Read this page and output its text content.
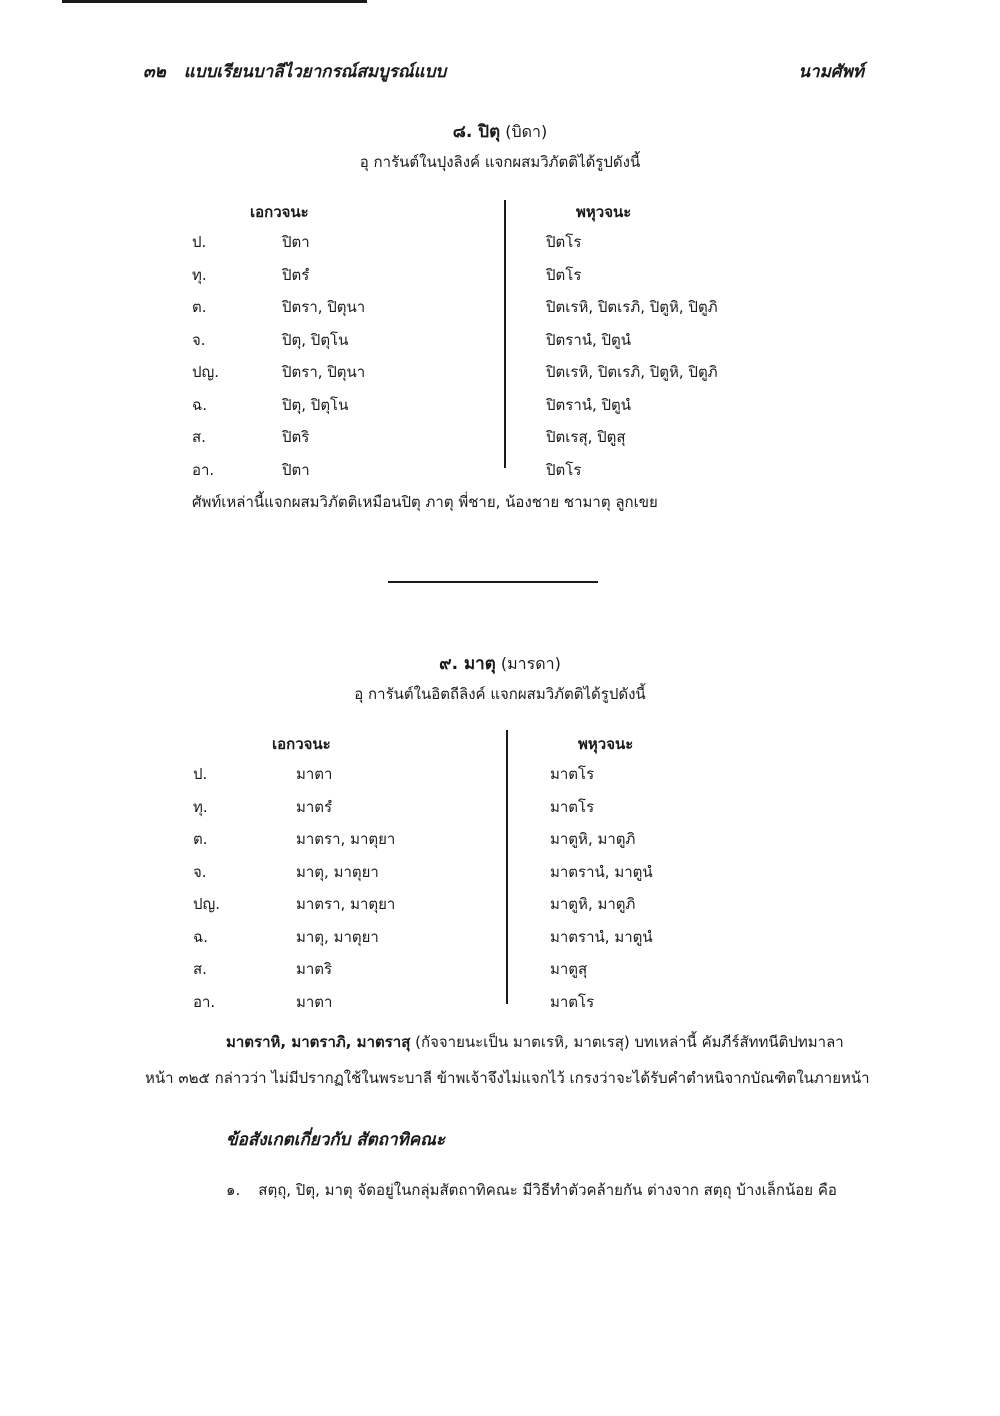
๓๒ แบบเรียนบาลีไวยากรณ์สมบูรณ์แบบ	นามศัพท์
๘. ปิตุ (บิดา)
อุ การันต์ในปุงลิงค์ แจกผสมวิภัตติได้รูปดังนี้
เอกวจนะ	พหุวจนะ
ป.	ปิตา	ปิตโร
ทุ.	ปิตรํ	ปิตโร
ต.	ปิตรา, ปิตุนา	ปิตเรหิ, ปิตเรภิ, ปิตูหิ, ปิตูภิ
จ.	ปิตุ, ปิตุโน	ปิตรานํ, ปิตูนํ
ปญ.	ปิตรา, ปิตุนา	ปิตเรหิ, ปิตเรภิ, ปิตูหิ, ปิตูภิ
ฉ.	ปิตุ, ปิตุโน	ปิตรานํ, ปิตูนํ
ส.	ปิตริ	ปิตเรสุ, ปิตูสุ
อา.	ปิตา	ปิตโร
ศัพท์เหล่านี้แจกผสมวิภัตติเหมือนปิตุ ภาตุ พี่ชาย, น้องชาย ชามาตุ ลูกเขย
๙. มาตุ (มารดา)
อุ การันต์ในอิตถีลิงค์ แจกผสมวิภัตติได้รูปดังนี้
เอกวจนะ	พหุวจนะ
ป.	มาตา	มาตโร
ทุ.	มาตรํ	มาตโร
ต.	มาตรา, มาตุยา	มาตูหิ, มาตูภิ
จ.	มาตุ, มาตุยา	มาตรานํ, มาตูนํ
ปญ.	มาตรา, มาตุยา	มาตูหิ, มาตูภิ
ฉ.	มาตุ, มาตุยา	มาตรานํ, มาตูนํ
ส.	มาตริ	มาตูสุ
อา.	มาตา	มาตโร
มาตราหิ, มาตราภิ, มาตราสุ (กัจจายนะเป็น มาตเรหิ, มาตเรสุ) บทเหล่านี้ คัมภีร์สัททนีติปทมาลา
หน้า ๓๒๕ กล่าวว่า ไม่มีปรากฏใช้ในพระบาลี ข้าพเจ้าจึงไม่แจกไว้ เกรงว่าจะได้รับคำตำหนิจากบัณฑิตในภายหน้า
ข้อสังเกตเกี่ยวกับ สัตถาทิคณะ
๑. สตฺถุ, ปิตุ, มาตุ จัดอยู่ในกลุ่มสัตถาทิคณะ มีวิธีทำตัวคล้ายกัน ต่างจาก สตฺถุ บ้างเล็กน้อย คือ
